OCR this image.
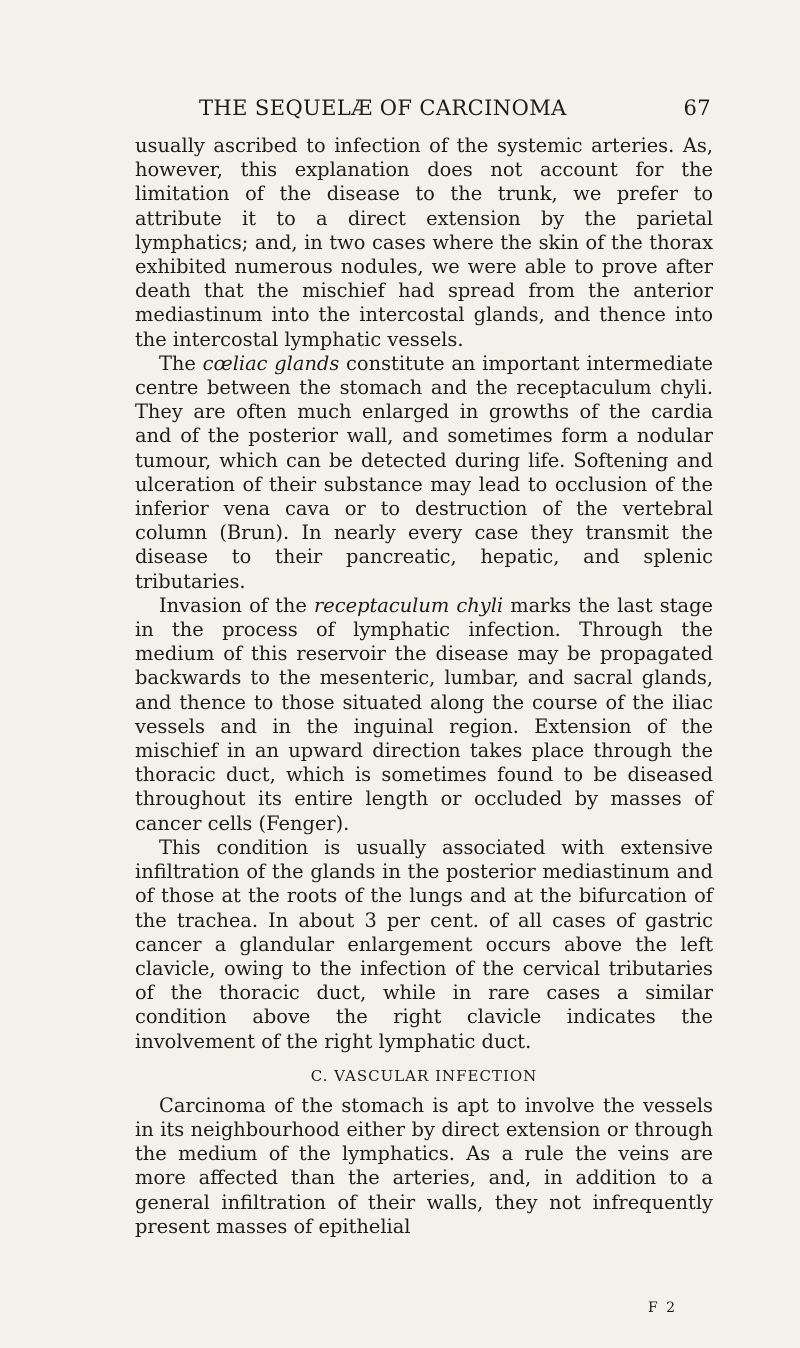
THE SEQUELÆ OF CARCINOMA	67

usually ascribed to infection of the systemic arteries. As, however, this explanation does not account for the limitation of the disease to the trunk, we prefer to attribute it to a direct extension by the parietal lymphatics; and, in two cases where the skin of the thorax exhibited numerous nodules, we were able to prove after death that the mischief had spread from the anterior mediastinum into the intercostal glands, and thence into the intercostal lymphatic vessels.

The cœliac glands constitute an important intermediate centre between the stomach and the receptaculum chyli. They are often much enlarged in growths of the cardia and of the posterior wall, and sometimes form a nodular tumour, which can be detected during life. Softening and ulceration of their substance may lead to occlusion of the inferior vena cava or to destruction of the vertebral column (Brun). In nearly every case they transmit the disease to their pancreatic, hepatic, and splenic tributaries.

Invasion of the receptaculum chyli marks the last stage in the process of lymphatic infection. Through the medium of this reservoir the disease may be propagated backwards to the mesenteric, lumbar, and sacral glands, and thence to those situated along the course of the iliac vessels and in the inguinal region. Extension of the mischief in an upward direction takes place through the thoracic duct, which is sometimes found to be diseased throughout its entire length or occluded by masses of cancer cells (Fenger).

This condition is usually associated with extensive infiltration of the glands in the posterior mediastinum and of those at the roots of the lungs and at the bifurcation of the trachea. In about 3 per cent. of all cases of gastric cancer a glandular enlargement occurs above the left clavicle, owing to the infection of the cervical tributaries of the thoracic duct, while in rare cases a similar condition above the right clavicle indicates the involvement of the right lymphatic duct.

C. VASCULAR INFECTION

Carcinoma of the stomach is apt to involve the vessels in its neighbourhood either by direct extension or through the medium of the lymphatics. As a rule the veins are more affected than the arteries, and, in addition to a general infiltration of their walls, they not infrequently present masses of epithelial

F 2
